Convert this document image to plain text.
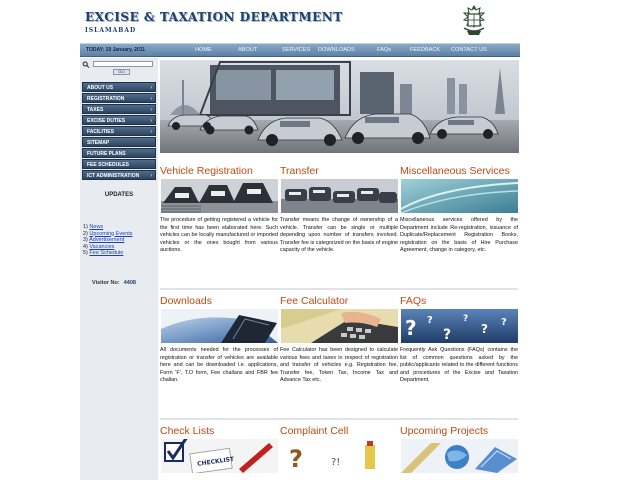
EXCISE & TAXATION DEPARTMENT
ISLAMABAD
TODAY: 19 January, 2011	HOME	ABOUT	SERVICES DOWNLOADS	FAQs	FEEDBACK CONTACT US
GO
ABOUT US	›
REGISTRATION	›
TAXES	›
EXCISE DUTIES	›
FACILITIES	›
SITEMAP
FUTURE PLANS
FEE SCHEDULES
ICT ADMINISTRATION ›
UPDATES
1) News
2) Upcoming Events
3) Advertisement
4) Vacancies
5) Fee Schedule
Visitor No: 4408
Vehicle Registration
The procedure of getting registered a vehicle for the first time has been elaborated here. Such vehicles can be locally manufactured or imported vehicles or the ones bought from various auctions.
Transfer
Transfer means the change of ownership of a vehicle. Transfer can be single or multiple depending upon number of transfers involved. Transfer fee is categorized on the basis of engine capacity of the vehicle.
Miscellaneous Services
Miscellaneous services offered by the Department include Re-registration, issuance of Duplicate/Replacement Registration Books, registration on the basis of Hire Purchase Agreement, change in category, etc.
Downloads
All documents needed for the processes of registration or transfer of vehicles are available here and can be downloaded i.e. applications, Form 'F', T.O form, Fee challans and FBR fee challan.
Fee Calculator
Fee Calculator has been designed to calculate various fees and taxes in respect of registration and transfer of vehicles e.g. Registration fee, Transfer fee, Token Tax, Income Tax and Advance Tax etc.
FAQs
? ?
?
?
? ?
Frequently Ask Questions (FAQs) contains the list of common questions asked by the public/applicants related to the different functions and procedures of the Excise and Taxation Department.
Check Lists
CHECKLIST
Complaint Cell
?	?!
Upcoming Projects
